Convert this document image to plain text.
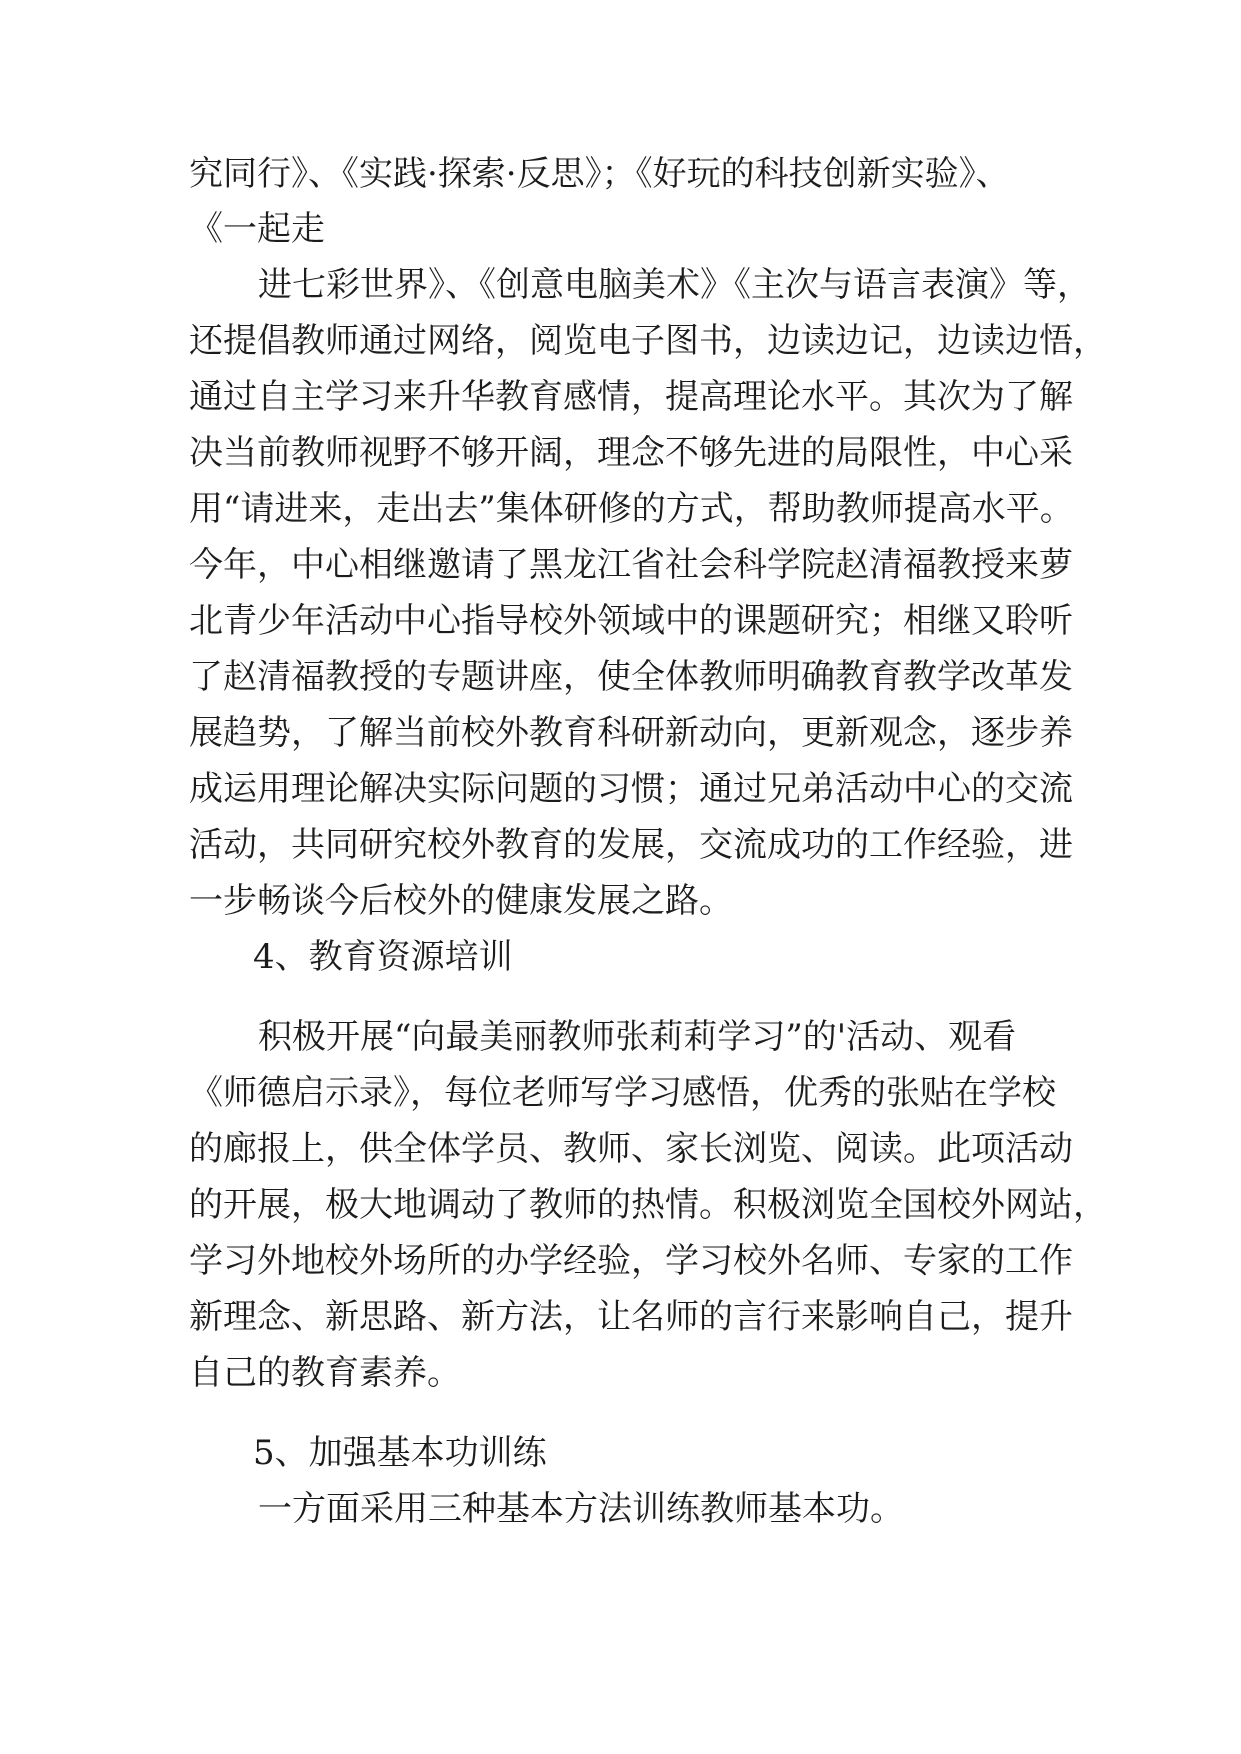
究同行》、《实践·探索·反思》；《好玩的科技创新实验》、
《一起走
进七彩世界》、《创意电脑美术》《主次与语言表演》等，
还提倡教师通过网络，阅览电子图书，边读边记，边读边悟，
通过自主学习来升华教育感情，提高理论水平。其次为了解
决当前教师视野不够开阔，理念不够先进的局限性，中心采
用“请进来，走出去”集体研修的方式，帮助教师提高水平。
今年，中心相继邀请了黑龙江省社会科学院赵清福教授来萝
北青少年活动中心指导校外领域中的课题研究；相继又聆听
了赵清福教授的专题讲座，使全体教师明确教育教学改革发
展趋势，了解当前校外教育科研新动向，更新观念，逐步养
成运用理论解决实际问题的习惯；通过兄弟活动中心的交流
活动，共同研究校外教育的发展，交流成功的工作经验，进
一步畅谈今后校外的健康发展之路。
4、教育资源培训
积极开展“向最美丽教师张莉莉学习”的'活动、观看
《师德启示录》，每位老师写学习感悟，优秀的张贴在学校
的廊报上，供全体学员、教师、家长浏览、阅读。此项活动
的开展，极大地调动了教师的热情。积极浏览全国校外网站，
学习外地校外场所的办学经验，学习校外名师、专家的工作
新理念、新思路、新方法，让名师的言行来影响自己，提升
自己的教育素养。
5、加强基本功训练
一方面采用三种基本方法训练教师基本功。
